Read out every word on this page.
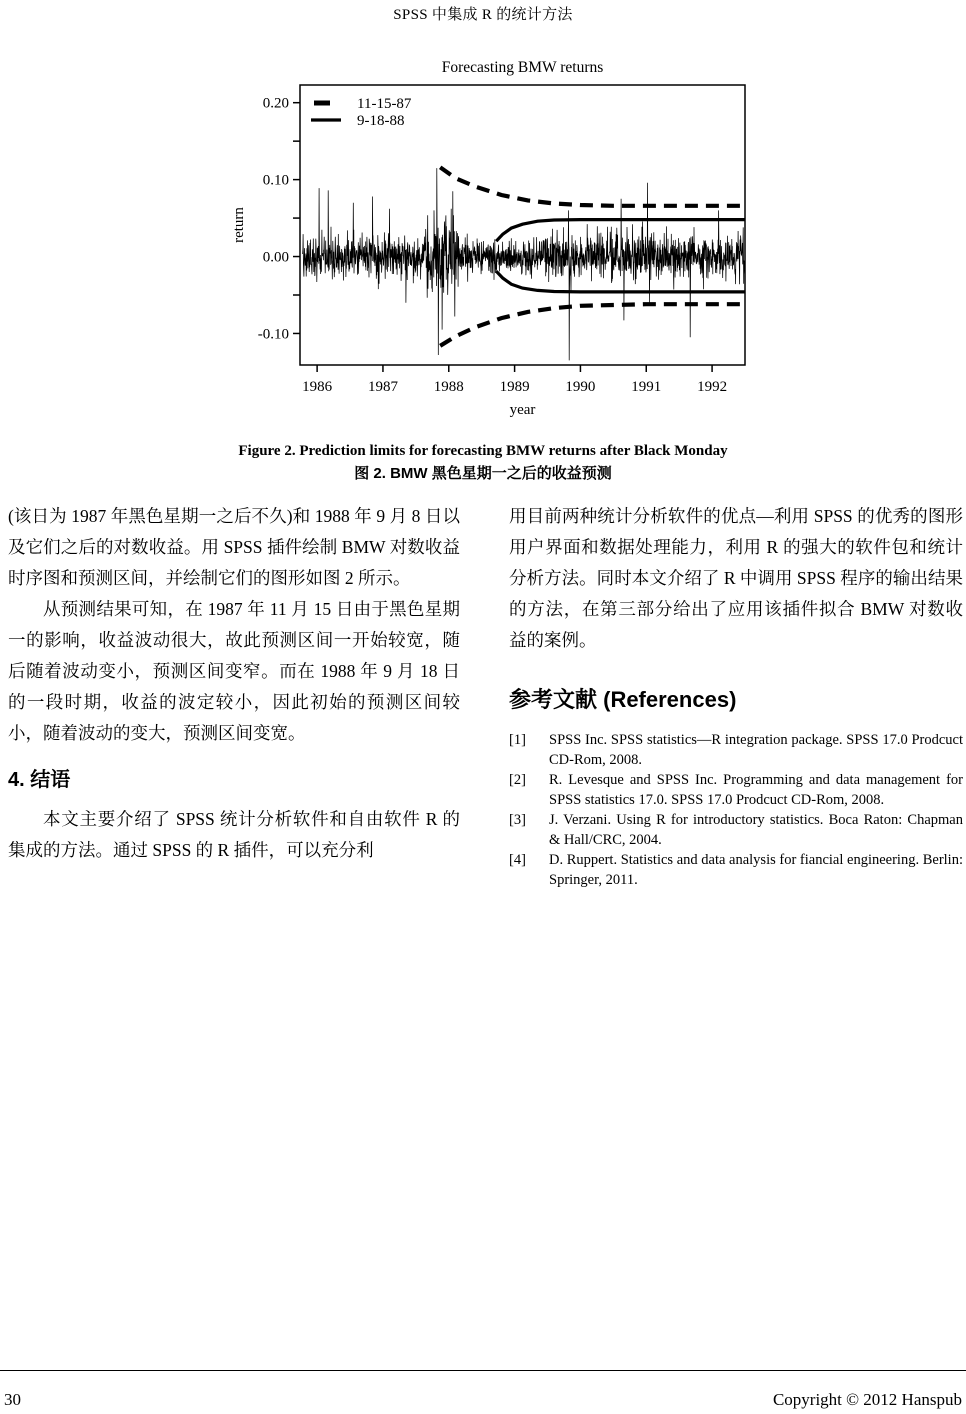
SPSS 中集成 R 的统计方法
Forecasting BMW returns
year
return
1986 1987 1988 1989 1990 1991 1992
0.20
0.10
0.00
-0.10
11-15-87
9-18-88
Figure 2. Prediction limits for forecasting BMW returns after Black Monday
图 2. BMW 黑色星期一之后的收益预测

(该日为 1987 年黑色星期一之后不久)和 1988 年 9 月 8 日以及它们之后的对数收益。用 SPSS 插件绘制 BMW 对数收益时序图和预测区间，并绘制它们的图形如图 2 所示。

从预测结果可知，在 1987 年 11 月 15 日由于黑色星期一的影响，收益波动很大，故此预测区间一开始较宽，随后随着波动变小，预测区间变窄。而在 1988 年 9 月 18 日的一段时期，收益的波定较小，因此初始的预测区间较小，随着波动的变大，预测区间变宽。

4. 结语

本文主要介绍了 SPSS 统计分析软件和自由软件 R 的集成的方法。通过 SPSS 的 R 插件，可以充分利

用目前两种统计分析软件的优点—利用 SPSS 的优秀的图形用户界面和数据处理能力，利用 R 的强大的软件包和统计分析方法。同时本文介绍了 R 中调用 SPSS 程序的输出结果的方法，在第三部分给出了应用该插件拟合 BMW 对数收益的案例。

参考文献 (References)
[1]	SPSS Inc. SPSS statistics—R integration package. SPSS 17.0 Prodcuct CD-Rom, 2008.
[2]	R. Levesque and SPSS Inc. Programming and data management for SPSS statistics 17.0. SPSS 17.0 Prodcuct CD-Rom, 2008.
[3]	J. Verzani. Using R for introductory statistics. Boca Raton: Chapman & Hall/CRC, 2004.
[4]	D. Ruppert. Statistics and data analysis for fiancial engineering. Berlin: Springer, 2011.
30	Copyright © 2012 Hanspub
